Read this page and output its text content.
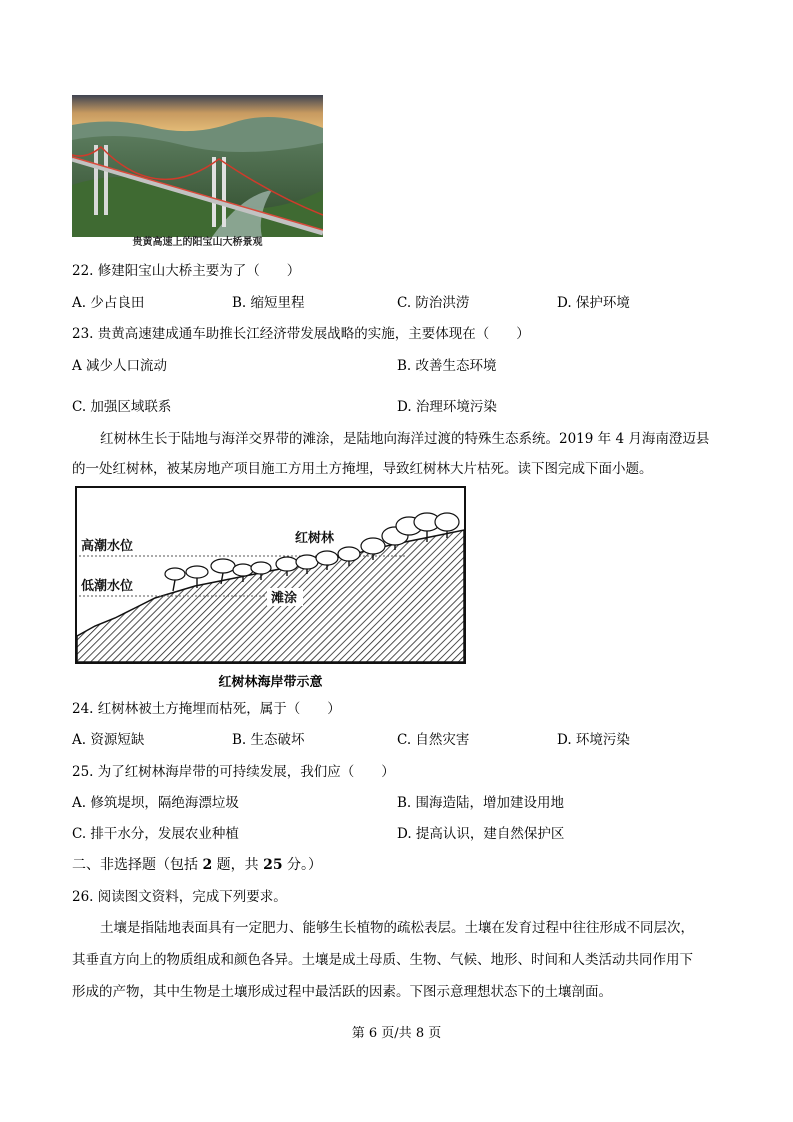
贵黄高速上的阳宝山大桥景观
22. 修建阳宝山大桥主要为了（　　）
A. 少占良田	B. 缩短里程	C. 防治洪涝	D. 保护环境
23. 贵黄高速建成通车助推长江经济带发展战略的实施，主要体现在（　　）
A 减少人口流动	B. 改善生态环境
C. 加强区域联系	D. 治理环境污染
红树林生长于陆地与海洋交界带的滩涂，是陆地向海洋过渡的特殊生态系统。2019 年 4 月海南澄迈县
的一处红树林，被某房地产项目施工方用土方掩埋，导致红树林大片枯死。读下图完成下面小题。
高潮水位
低潮水位
红树林
滩涂
红树林海岸带示意
24. 红树林被土方掩埋而枯死，属于（　　）
A. 资源短缺	B. 生态破坏	C. 自然灾害	D. 环境污染
25. 为了红树林海岸带的可持续发展，我们应（　　）
A. 修筑堤坝，隔绝海漂垃圾	B. 围海造陆，增加建设用地
C. 排干水分，发展农业种植	D. 提高认识，建自然保护区
二、非选择题（包括 2 题，共 25 分。）
26. 阅读图文资料，完成下列要求。
土壤是指陆地表面具有一定肥力、能够生长植物的疏松表层。土壤在发育过程中往往形成不同层次，
其垂直方向上的物质组成和颜色各异。土壤是成土母质、生物、气候、地形、时间和人类活动共同作用下
形成的产物，其中生物是土壤形成过程中最活跃的因素。下图示意理想状态下的土壤剖面。
第 6 页/共 8 页
